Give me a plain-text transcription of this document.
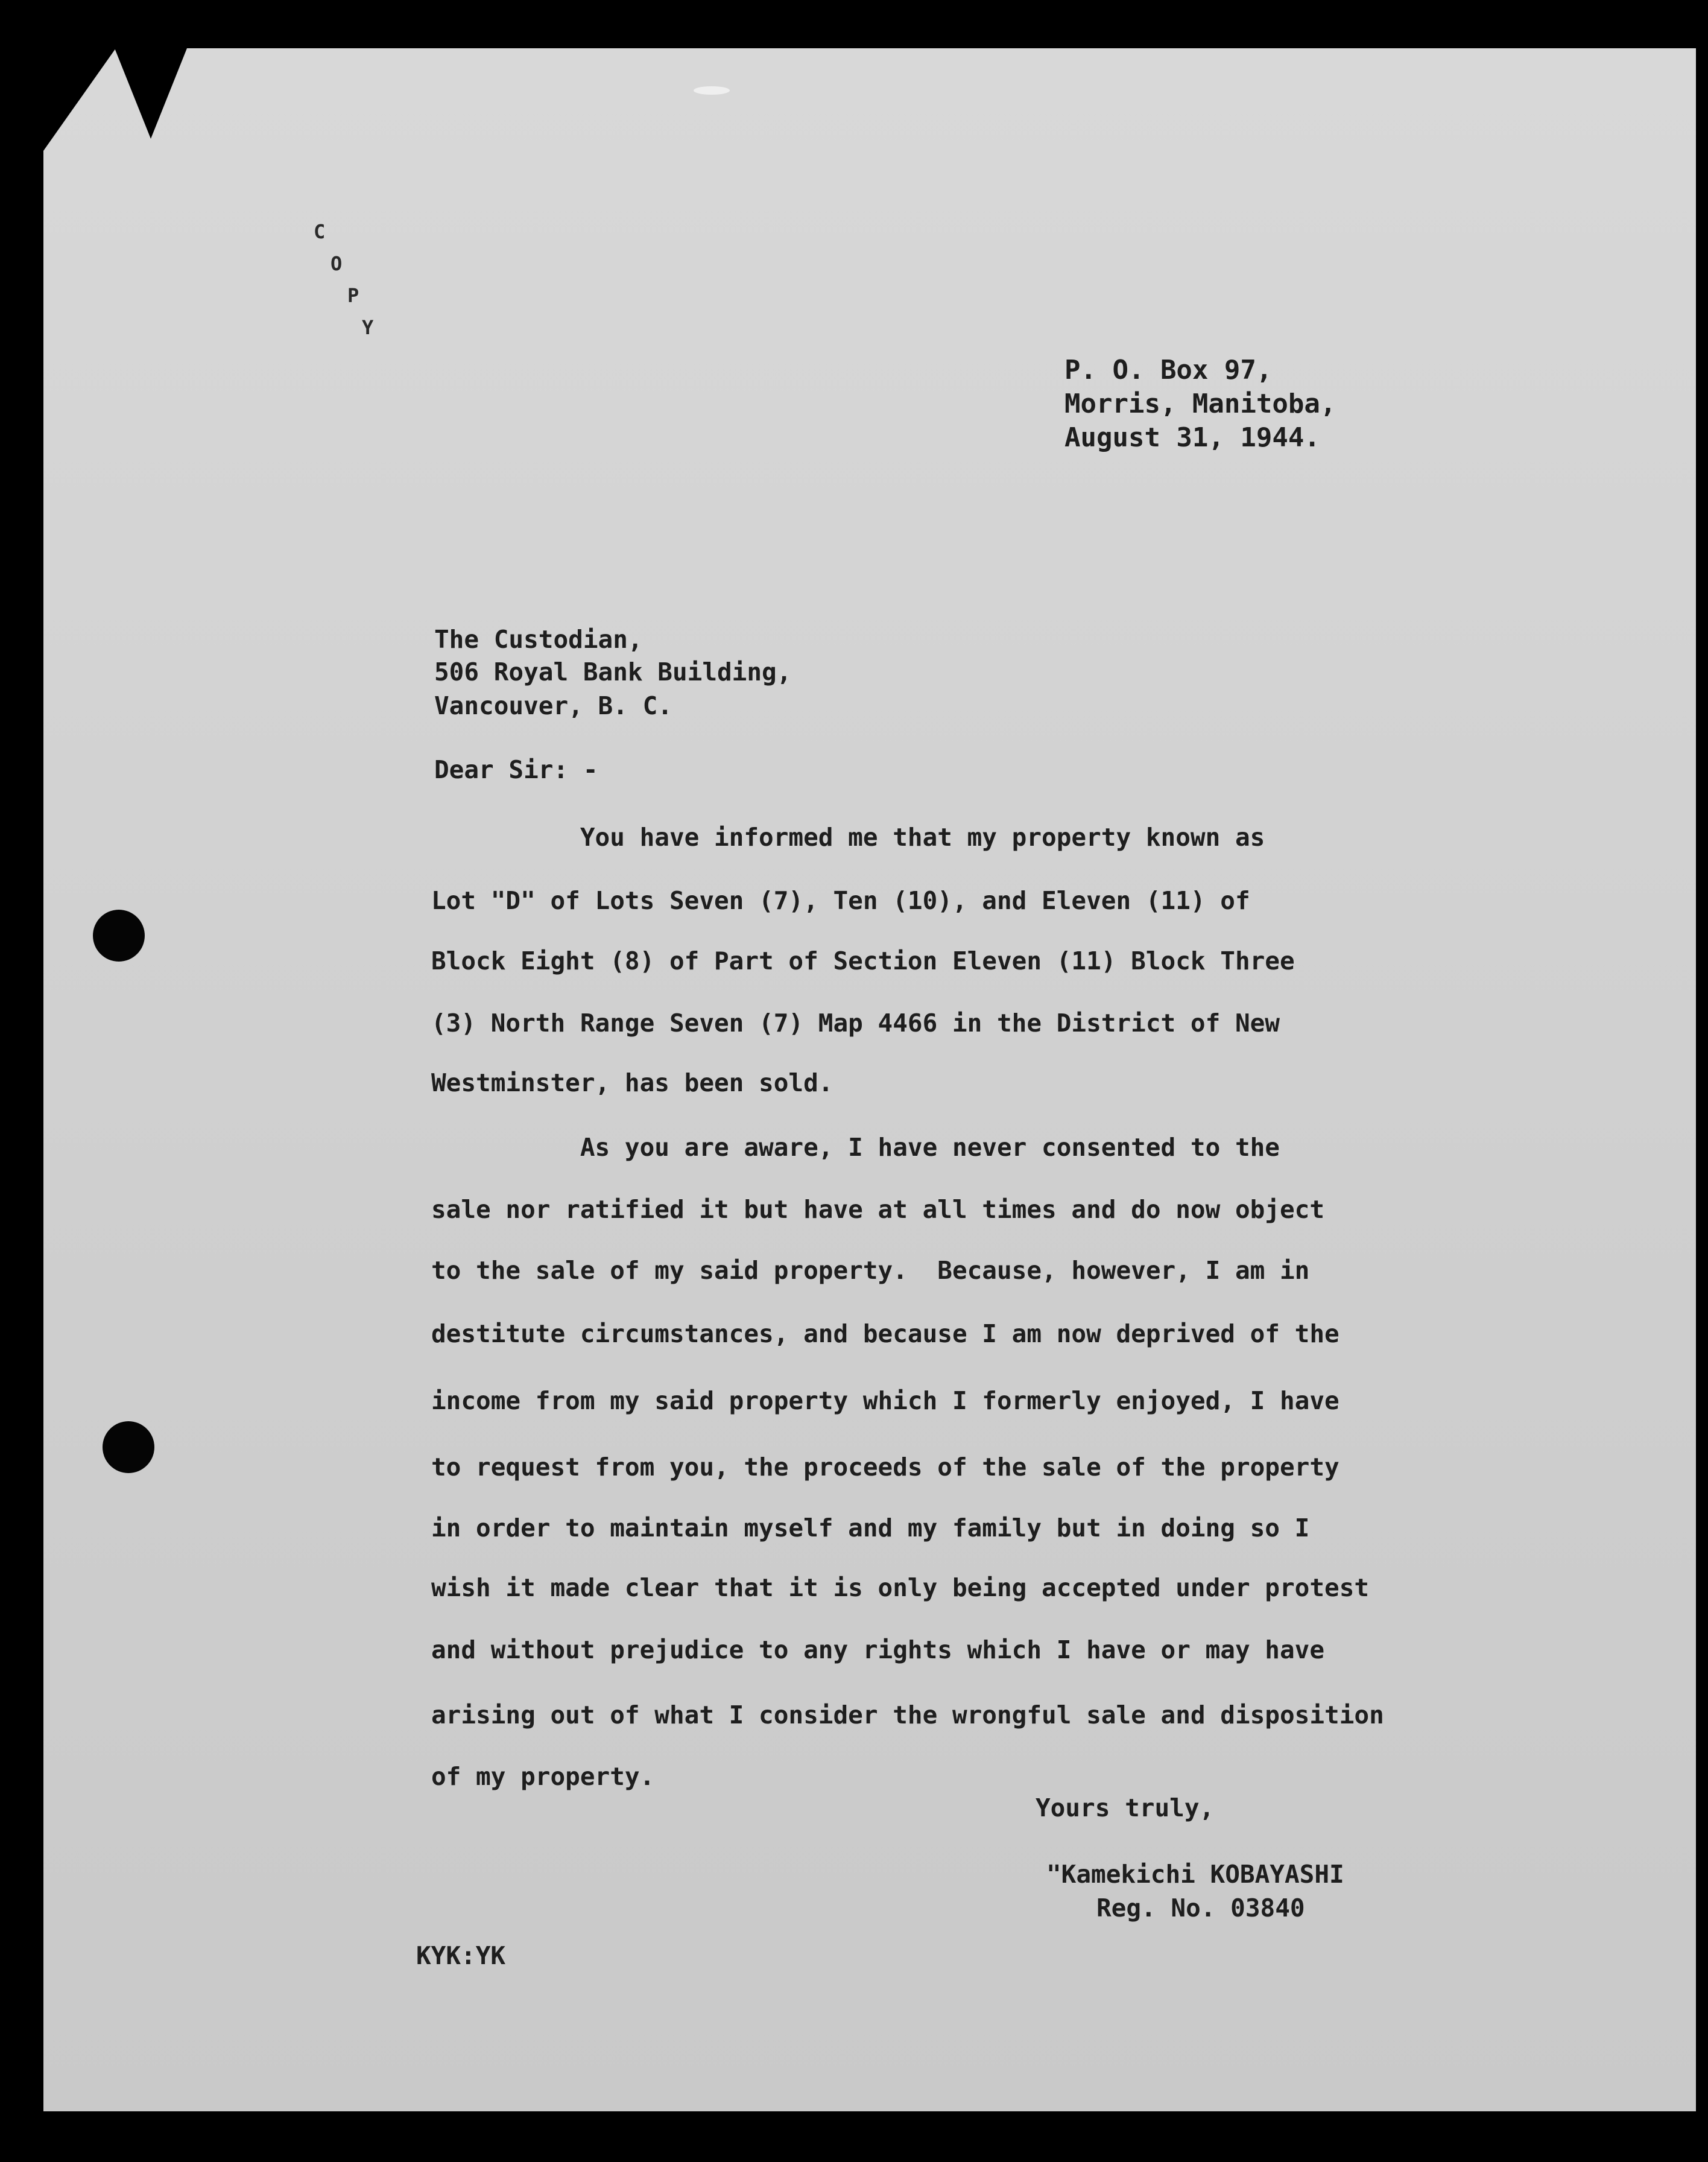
C
O
P
Y
P. O. Box 97,
Morris, Manitoba,
August 31, 1944.
The Custodian,
506 Royal Bank Building,
Vancouver, B. C.
Dear Sir: -
You have informed me that my property known as
Lot "D" of Lots Seven (7), Ten (10), and Eleven (11) of
Block Eight (8) of Part of Section Eleven (11) Block Three
(3) North Range Seven (7) Map 4466 in the District of New
Westminster, has been sold.
As you are aware, I have never consented to the
sale nor ratified it but have at all times and do now object
to the sale of my said property.  Because, however, I am in
destitute circumstances, and because I am now deprived of the
income from my said property which I formerly enjoyed, I have
to request from you, the proceeds of the sale of the property
in order to maintain myself and my family but in doing so I
wish it made clear that it is only being accepted under protest
and without prejudice to any rights which I have or may have
arising out of what I consider the wrongful sale and disposition
of my property.
Yours truly,
"Kamekichi KOBAYASHI
Reg. No. 03840
KYK:YK
